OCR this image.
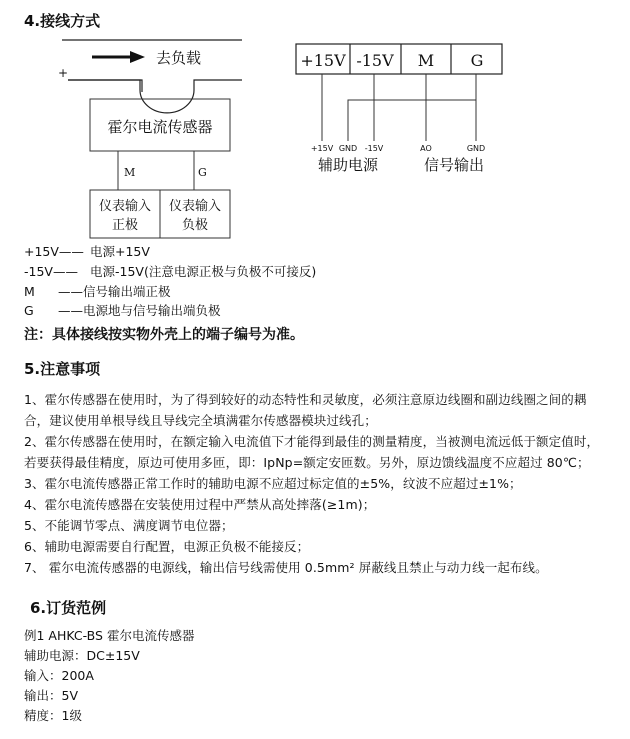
4.接线方式
去负载
+
霍尔电流传感器
M	G
仪表输入
正极
仪表输入
负极
+15V -15V M G
+15V GND -15V	AO	GND
辅助电源	信号输出
+15V—— 电源+15V
-15V—— 电源-15V(注意电源正极与负极不可接反)
M ——信号输出端正极
G ——电源地与信号输出端负极
注：具体接线按实物外壳上的端子编号为准。
5.注意事项

1、霍尔传感器在使用时，为了得到较好的动态特性和灵敏度，必须注意原边线圈和副边线圈之间的耦合，建议使用单根导线且导线完全填满霍尔传感器模块过线孔；

2、霍尔传感器在使用时，在额定输入电流值下才能得到最佳的测量精度，当被测电流远低于额定值时，若要获得最佳精度，原边可使用多匝，即：IpNp=额定安匝数。另外，原边馈线温度不应超过 80℃；

3、霍尔电流传感器正常工作时的辅助电源不应超过标定值的±5%，纹波不应超过±1%；

4、霍尔电流传感器在安装使用过程中严禁从高处摔落(≥1m)；

5、不能调节零点、满度调节电位器；

6、辅助电源需要自行配置，电源正负极不能接反；

7、 霍尔电流传感器的电源线，输出信号线需使用 0.5mm² 屏蔽线且禁止与动力线一起布线。

6.订货范例
例1 AHKC-BS 霍尔电流传感器
辅助电源：DC±15V
输入：200A
输出：5V
精度：1级
